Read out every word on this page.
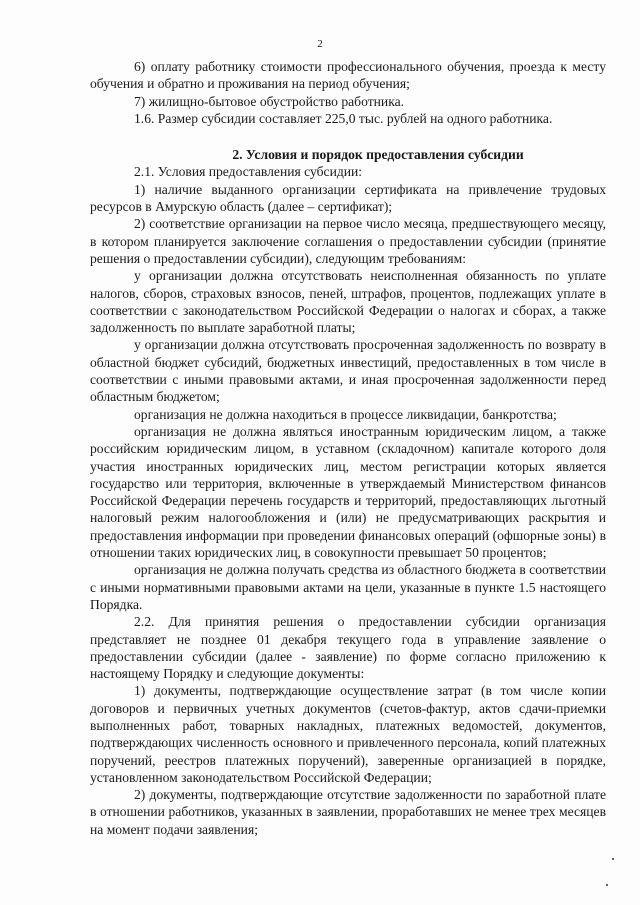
2

6) оплату работнику стоимости профессионального обучения, проезда к месту обучения и обратно и проживания на период обучения;

7) жилищно-бытовое обустройство работника.

1.6. Размер субсидии составляет 225,0 тыс. рублей на одного работника.

2. Условия и порядок предоставления субсидии

2.1. Условия предоставления субсидии:

1) наличие выданного организации сертификата на привлечение трудовых ресурсов в Амурскую область (далее – сертификат);

2) соответствие организации на первое число месяца, предшествующего месяцу, в котором планируется заключение соглашения о предоставлении субсидии (принятие решения о предоставлении субсидии), следующим требованиям:

у организации должна отсутствовать неисполненная обязанность по уплате налогов, сборов, страховых взносов, пеней, штрафов, процентов, подлежащих уплате в соответствии с законодательством Российской Федерации о налогах и сборах, а также задолженность по выплате заработной платы;

у организации должна отсутствовать просроченная задолженность по возврату в областной бюджет субсидий, бюджетных инвестиций, предоставленных в том числе в соответствии с иными правовыми актами, и иная просроченная задолженности перед областным бюджетом;

организация не должна находиться в процессе ликвидации, банкротства;

организация не должна являться иностранным юридическим лицом, а также российским юридическим лицом, в уставном (складочном) капитале которого доля участия иностранных юридических лиц, местом регистрации которых является государство или территория, включенные в утверждаемый Министерством финансов Российской Федерации перечень государств и территорий, предоставляющих льготный налоговый режим налогообложения и (или) не предусматривающих раскрытия и предоставления информации при проведении финансовых операций (офшорные зоны) в отношении таких юридических лиц, в совокупности превышает 50 процентов;

организация не должна получать средства из областного бюджета в соответствии с иными нормативными правовыми актами на цели, указанные в пункте 1.5 настоящего Порядка.

2.2. Для принятия решения о предоставлении субсидии организация представляет не позднее 01 декабря текущего года в управление заявление о предоставлении субсидии (далее - заявление) по форме согласно приложению к настоящему Порядку и следующие документы:

1) документы, подтверждающие осуществление затрат (в том числе копии договоров и первичных учетных документов (счетов-фактур, актов сдачи-приемки выполненных работ, товарных накладных, платежных ведомостей, документов, подтверждающих численность основного и привлеченного персонала, копий платежных поручений, реестров платежных поручений), заверенные организацией в порядке, установленном законодательством Российской Федерации;

2) документы, подтверждающие отсутствие задолженности по заработной плате в отношении работников, указанных в заявлении, проработавших не менее трех месяцев на момент подачи заявления;
